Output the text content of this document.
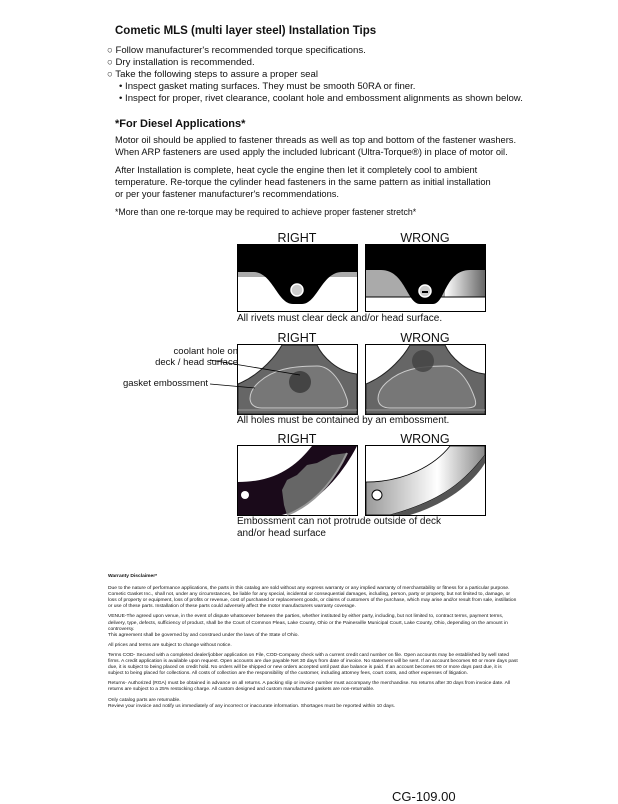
Cometic MLS (multi layer steel) Installation Tips
○ Follow manufacturer's recommended torque specifications.
○ Dry installation is recommended.
○ Take the following steps to assure a proper seal
• Inspect gasket mating surfaces. They must be smooth 50RA or finer.
• Inspect for proper, rivet clearance, coolant hole and embossment alignments as shown below.
*For Diesel Applications*
Motor oil should be applied to fastener threads as well as top and bottom of the fastener washers.
When ARP fasteners are used apply the included lubricant (Ultra-Torque®) in place of motor oil.
After Installation is complete, heat cycle the engine then let it completely cool to ambient
temperature. Re-torque the cylinder head fasteners in the same pattern as initial installation
or per your fastener manufacturer's recommendations.
*More than one re-torque may be required to achieve proper fastener stretch*
RIGHT	WRONG
All rivets must clear deck and/or head surface.
RIGHT	WRONG
coolant hole on
deck / head surface
gasket embossment
All holes must be contained by an embossment.
RIGHT	WRONG
Embossment can not protrude outside of deck
and/or head surface

Warranty Disclaimer*

Due to the nature of performance applications, the parts in this catalog are sold without any express warranty or any implied warranty of merchantability or fitness for a particular purpose. Cometic Gasket Inc., shall not, under any circumstances, be liable for any special, incidental or consequential damages, including, person, party or property, but not limited to, damage, or loss of property or equipment, loss of profits or revenue, cost of purchased or replacement goods, or claims of customers of the purchase, which may arise and/or result from sale, instillation or use of these parts. Installation of these parts could adversely affect the motor manufacturers warranty coverage.

VENUE-The agreed upon venue, in the event of dispute whatsoever between the parties, whether instituted by either party, including, but not limited to, contract terms, payment terms, delivery, type, defects, sufficiency of product, shall be the Court of Common Pleas, Lake County, Ohio or the Painesville Municipal Court, Lake County, Ohio, depending on the amount in controversy.

This agreement shall be governed by and construed under the laws of the State of Ohio.

All prices and terms are subject to change without notice.

Terms COD- Secured with a completed dealer/jobber application on File, COD-Company check with a current credit card number on file. Open accounts may be established by well rated firms. A credit application is available upon request. Open accounts are due payable Net 30 days from date of invoice. No statement will be sent. If an account becomes 60 or more days past due, it is subject to being placed on credit hold. No orders will be shipped or new orders accepted until past due balance is paid. If an account becomes 90 or more days past due, it is subject to being placed for collections. All costs of collection are the responsibility of the customer, including attorney fees, court costs, and other expenses of litigation.

Returns- Authorized (RGA) must be obtained in advance on all returns. A packing slip or invoice number must accompany the merchandise. No returns after 30 days from invoice date. All returns are subject to a 25% restocking charge. All custom designed and custom manufactured gaskets are non-returnable.

Only catalog parts are returnable.

Review your invoice and notify us immediately of any incorrect or inaccurate information. Shortages must be reported within 10 days.

CG-109.00
